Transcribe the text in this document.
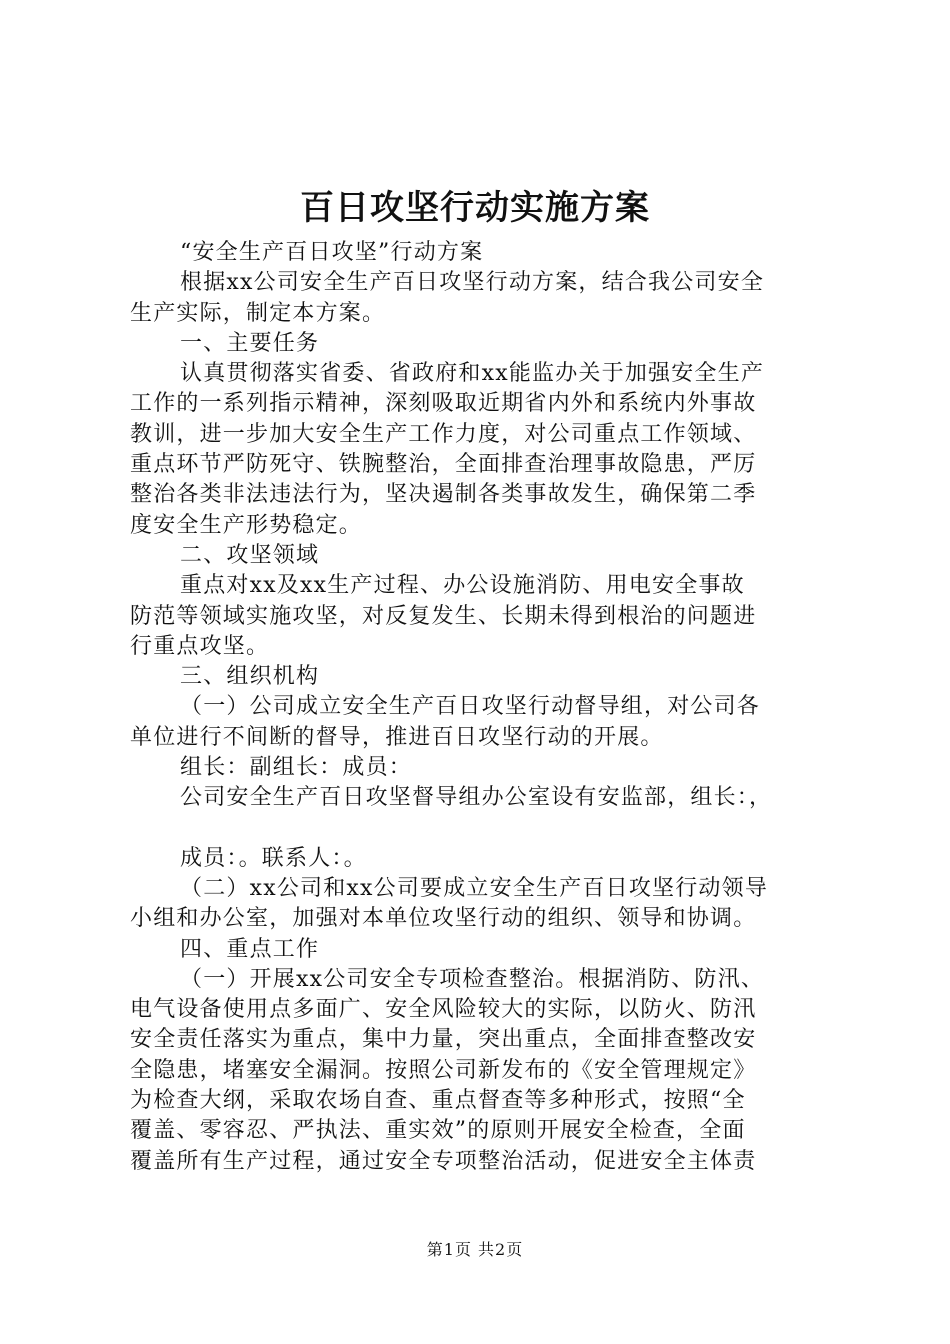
百日攻坚行动实施方案
“安全生产百日攻坚”行动方案
根据xx公司安全生产百日攻坚行动方案，结合我公司安全
生产实际，制定本方案。
一、主要任务
认真贯彻落实省委、省政府和xx能监办关于加强安全生产
工作的一系列指示精神，深刻吸取近期省内外和系统内外事故
教训，进一步加大安全生产工作力度，对公司重点工作领域、
重点环节严防死守、铁腕整治，全面排查治理事故隐患，严厉
整治各类非法违法行为，坚决遏制各类事故发生，确保第二季
度安全生产形势稳定。
二、攻坚领域
重点对xx及xx生产过程、办公设施消防、用电安全事故
防范等领域实施攻坚，对反复发生、长期未得到根治的问题进
行重点攻坚。
三、组织机构
（一）公司成立安全生产百日攻坚行动督导组，对公司各
单位进行不间断的督导，推进百日攻坚行动的开展。
组长：副组长：成员：
公司安全生产百日攻坚督导组办公室设有安监部，组长：，
成员：。联系人：。
（二）xx公司和xx公司要成立安全生产百日攻坚行动领导
小组和办公室，加强对本单位攻坚行动的组织、领导和协调。
四、重点工作
（一）开展xx公司安全专项检查整治。根据消防、防汛、
电气设备使用点多面广、安全风险较大的实际，以防火、防汛
安全责任落实为重点，集中力量，突出重点，全面排查整改安
全隐患，堵塞安全漏洞。按照公司新发布的《安全管理规定》
为检查大纲，采取农场自查、重点督查等多种形式，按照“全
覆盖、零容忍、严执法、重实效”的原则开展安全检查，全面
覆盖所有生产过程，通过安全专项整治活动，促进安全主体责
第1页 共2页
